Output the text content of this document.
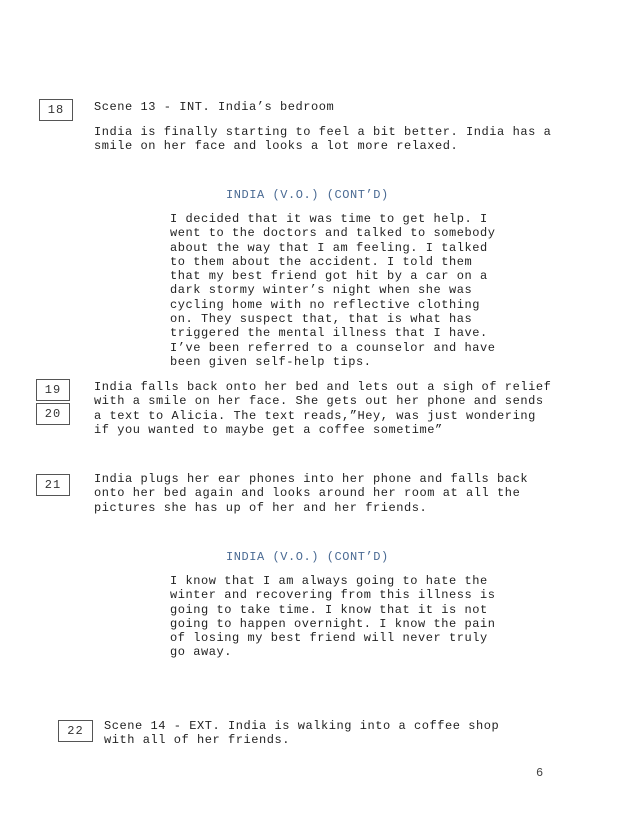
18	Scene 13 - INT. India’s bedroom

India is finally starting to feel a bit better. India has a
smile on her face and looks a lot more relaxed.

INDIA (V.O.) (CONT’D)

I decided that it was time to get help. I
went to the doctors and talked to somebody
about the way that I am feeling. I talked
to them about the accident. I told them
that my best friend got hit by a car on a
dark stormy winter’s night when she was
cycling home with no reflective clothing
on. They suspect that, that is what has
triggered the mental illness that I have.
I’ve been referred to a counselor and have
been given self-help tips.

19
20

India falls back onto her bed and lets out a sigh of relief
with a smile on her face. She gets out her phone and sends
a text to Alicia. The text reads,”Hey, was just wondering
if you wanted to maybe get a coffee sometime”

21	India plugs her ear phones into her phone and falls back
onto her bed again and looks around her room at all the
pictures she has up of her and her friends.

INDIA (V.O.) (CONT’D)

I know that I am always going to hate the
winter and recovering from this illness is
going to take time. I know that it is not
going to happen overnight. I know the pain
of losing my best friend will never truly
go away.

22	Scene 14 - EXT. India is walking into a coffee shop
with all of her friends.

6
